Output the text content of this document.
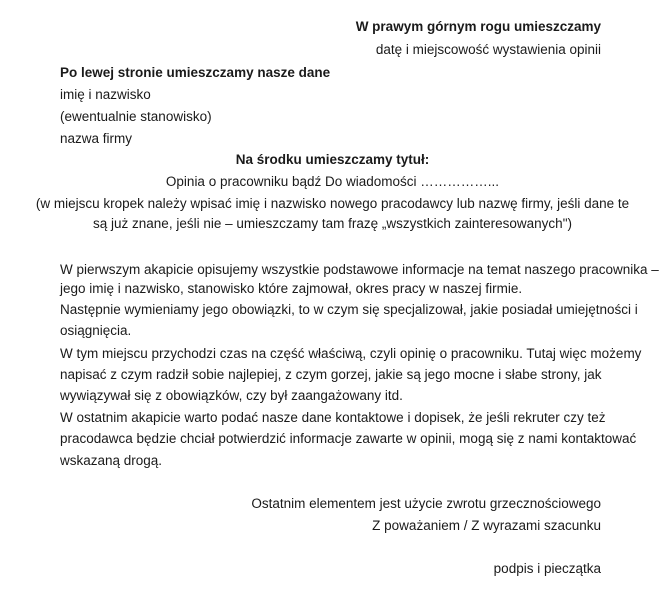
W prawym górnym rogu umieszczamy
datę i miejscowość wystawienia opinii
Po lewej stronie umieszczamy nasze dane
imię i nazwisko
(ewentualnie stanowisko)
nazwa firmy
Na środku umieszczamy tytuł:
Opinia o pracowniku bądź Do wiadomości ……………...
(w miejscu kropek należy wpisać imię i nazwisko nowego pracodawcy lub nazwę firmy, jeśli dane te
są już znane, jeśli nie – umieszczamy tam frazę „wszystkich zainteresowanych")
W pierwszym akapicie opisujemy wszystkie podstawowe informacje na temat naszego pracownika –
jego imię i nazwisko, stanowisko które zajmował, okres pracy w naszej firmie.
Następnie wymieniamy jego obowiązki, to w czym się specjalizował, jakie posiadał umiejętności i
osiągnięcia.
W tym miejscu przychodzi czas na część właściwą, czyli opinię o pracowniku. Tutaj więc możemy
napisać z czym radził sobie najlepiej, z czym gorzej, jakie są jego mocne i słabe strony, jak
wywiązywał się z obowiązków, czy był zaangażowany itd.
W ostatnim akapicie warto podać nasze dane kontaktowe i dopisek, że jeśli rekruter czy też
pracodawca będzie chciał potwierdzić informacje zawarte w opinii, mogą się z nami kontaktować
wskazaną drogą.
Ostatnim elementem jest użycie zwrotu grzecznościowego
Z poważaniem / Z wyrazami szacunku
podpis i pieczątka
